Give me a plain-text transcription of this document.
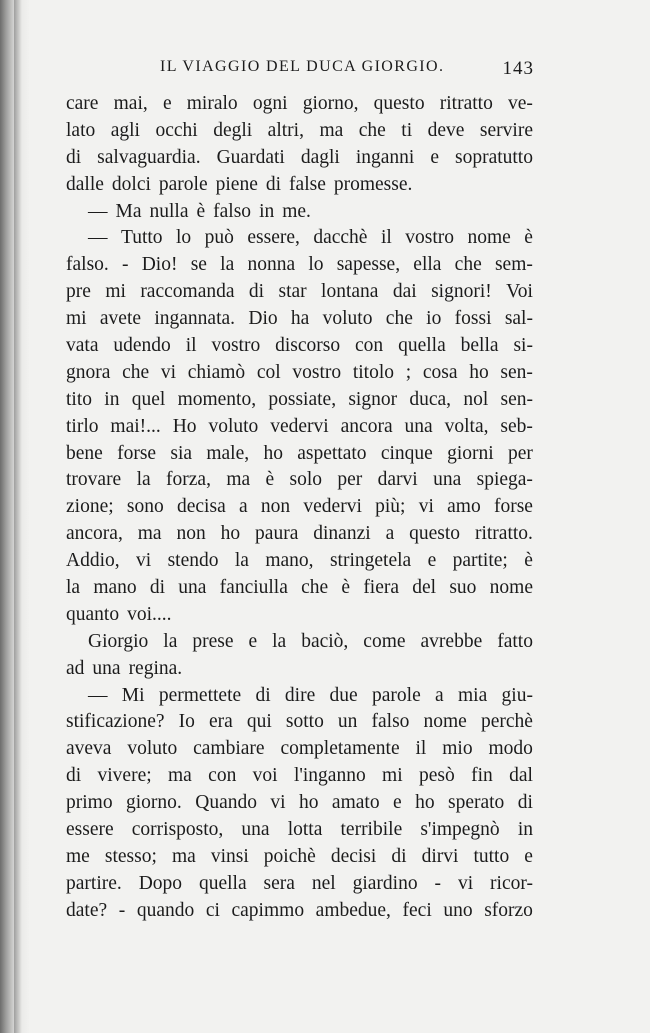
IL VIAGGIO DEL DUCA GIORGIO.	143
care mai, e miralo ogni giorno, questo ritratto ve-
lato agli occhi degli altri, ma che ti deve servire
di salvaguardia. Guardati dagli inganni e sopratutto
dalle dolci parole piene di false promesse.
— Ma nulla è falso in me.
— Tutto lo può essere, dacchè il vostro nome è
falso. - Dio! se la nonna lo sapesse, ella che sem-
pre mi raccomanda di star lontana dai signori! Voi
mi avete ingannata. Dio ha voluto che io fossi sal-
vata udendo il vostro discorso con quella bella si-
gnora che vi chiamò col vostro titolo ; cosa ho sen-
tito in quel momento, possiate, signor duca, nol sen-
tirlo mai!... Ho voluto vedervi ancora una volta, seb-
bene forse sia male, ho aspettato cinque giorni per
trovare la forza, ma è solo per darvi una spiega-
zione; sono decisa a non vedervi più; vi amo forse
ancora, ma non ho paura dinanzi a questo ritratto.
Addio, vi stendo la mano, stringetela e partite; è
la mano di una fanciulla che è fiera del suo nome
quanto voi....
Giorgio la prese e la baciò, come avrebbe fatto
ad una regina.
— Mi permettete di dire due parole a mia giu-
stificazione? Io era qui sotto un falso nome perchè
aveva voluto cambiare completamente il mio modo
di vivere; ma con voi l'inganno mi pesò fin dal
primo giorno. Quando vi ho amato e ho sperato di
essere corrisposto, una lotta terribile s'impegnò in
me stesso; ma vinsi poichè decisi di dirvi tutto e
partire. Dopo quella sera nel giardino - vi ricor-
date? - quando ci capimmo ambedue, feci uno sforzo
